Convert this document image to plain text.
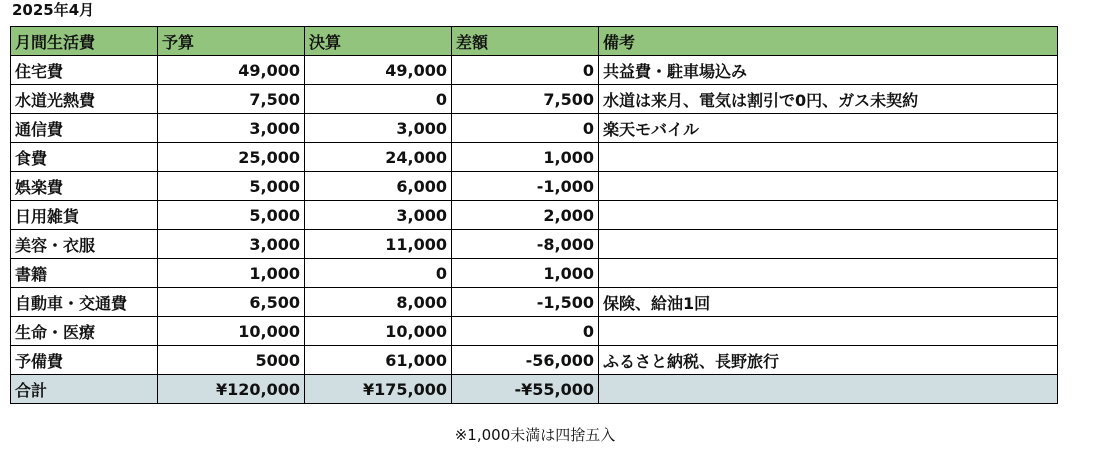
2025年4月
月間生活費	予算	決算	差額	備考
住宅費	49,000	49,000	0	共益費・駐車場込み
水道光熱費	7,500	0	7,500	水道は来月、電気は割引で0円、ガス未契約
通信費	3,000	3,000	0	楽天モバイル
食費	25,000	24,000	1,000	
娯楽費	5,000	6,000	-1,000	
日用雑貨	5,000	3,000	2,000	
美容・衣服	3,000	11,000	-8,000	
書籍	1,000	0	1,000	
自動車・交通費	6,500	8,000	-1,500	保険、給油1回
生命・医療	10,000	10,000	0	
予備費	5000	61,000	-56,000	ふるさと納税、長野旅行
合計	¥120,000	¥175,000	-¥55,000	
※1,000未満は四捨五入
